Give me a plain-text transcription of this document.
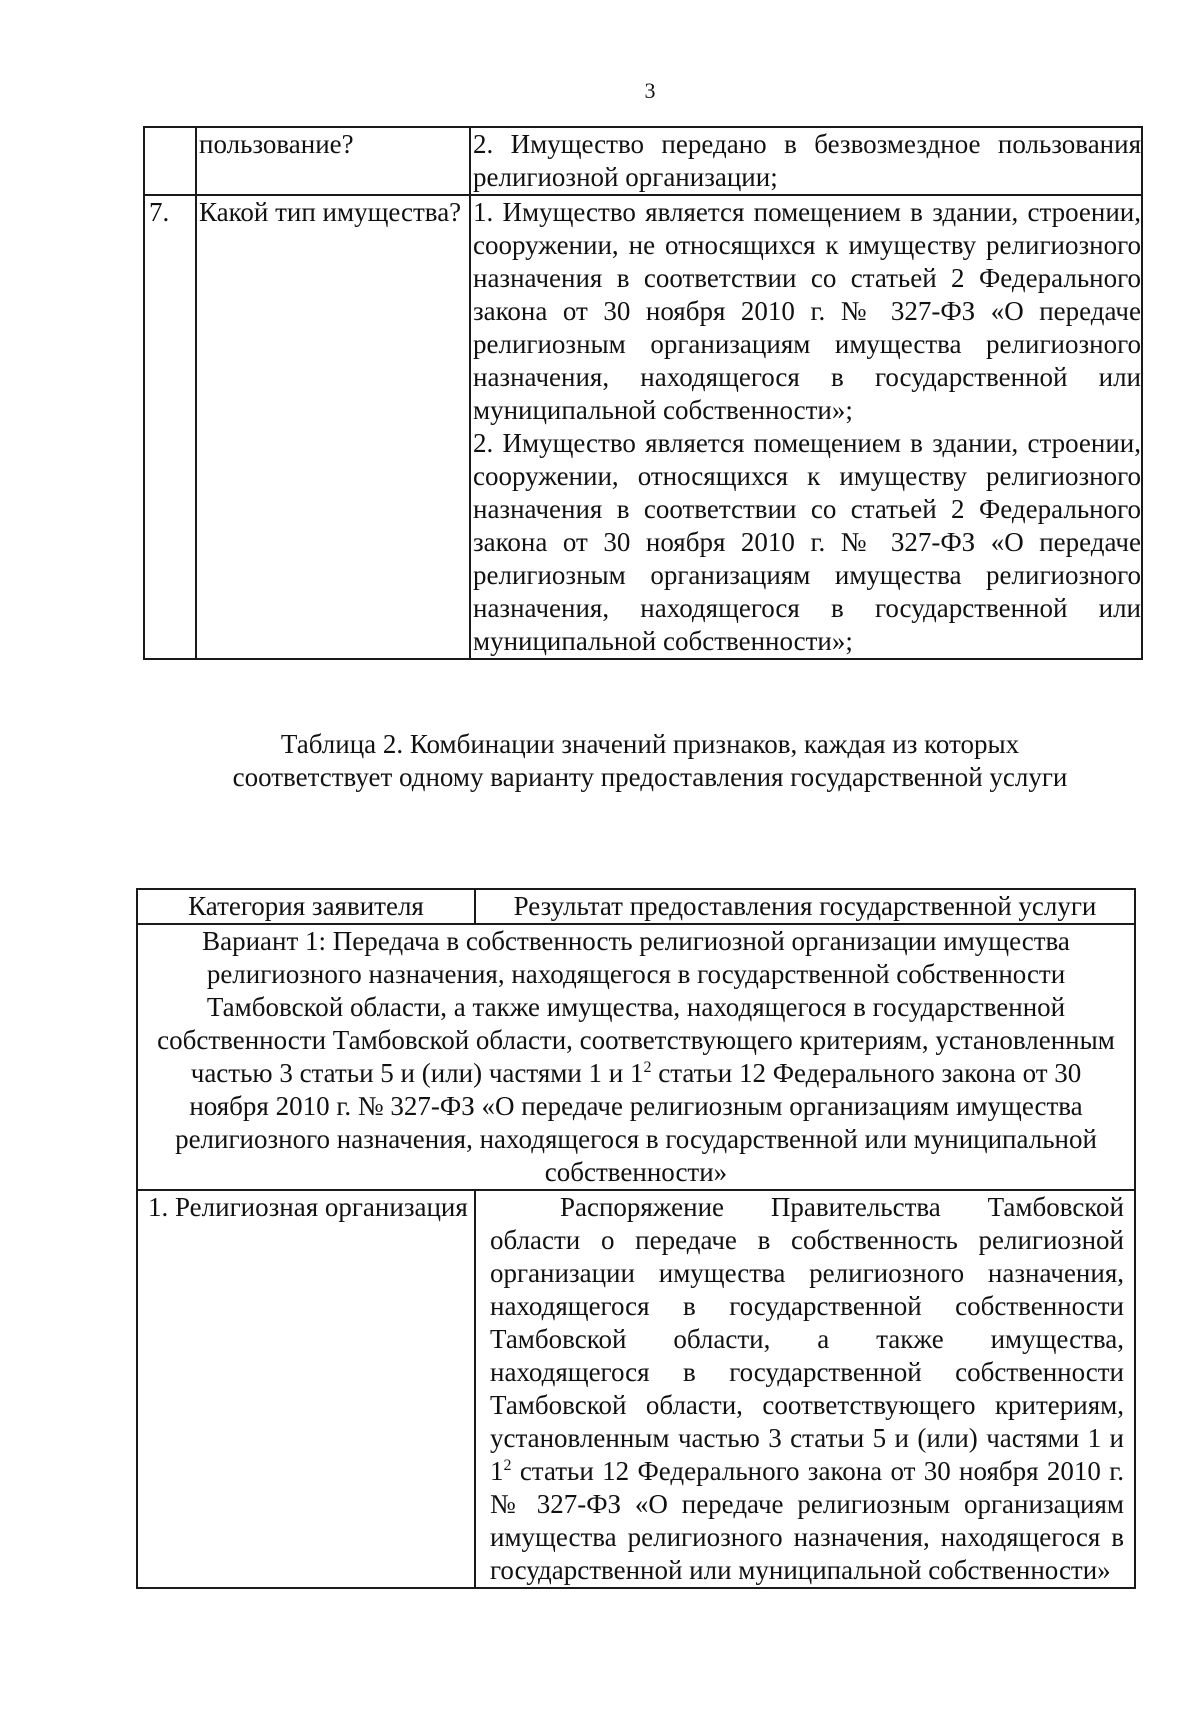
3
	пользование?	2. Имущество передано в безвозмездное пользования религиозной организации;

7.	Какой тип имущества?	1. Имущество является помещением в здании, строении, сооружении, не относящихся к имуществу религиозного назначения в соответствии со статьей 2 Федерального закона от 30 ноября 2010 г. № 327-ФЗ «О передаче религиозным организациям имущества религиозного назначения, находящегося в государственной или муниципальной собственности»;

2. Имущество является помещением в здании, строении, сооружении, относящихся к имуществу религиозного назначения в соответствии со статьей 2 Федерального закона от 30 ноября 2010 г. № 327-ФЗ «О передаче религиозным организациям имущества религиозного назначения, находящегося в государственной или муниципальной собственности»;

Таблица 2. Комбинации значений признаков, каждая из которых соответствует одному варианту предоставления государственной услуги
Категория заявителя	Результат предоставления государственной услуги
Вариант 1: Передача в собственность религиозной организации имущества религиозного назначения, находящегося в государственной собственности Тамбовской области, а также имущества, находящегося в государственной собственности Тамбовской области, соответствующего критериям, установленным частью 3 статьи 5 и (или) частями 1 и $1^2$ статьи 12 Федерального закона от 30 ноября 2010 г. № 327-ФЗ «О передаче религиозным организациям имущества религиозного назначения, находящегося в государственной или муниципальной собственности»	
1. Религиозная организация	Распоряжение Правительства Тамбовской области о передаче в собственность религиозной организации имущества религиозного назначения, находящегося в государственной собственности Тамбовской области, а также имущества, находящегося в государственной собственности Тамбовской области, соответствующего критериям, установленным частью 3 статьи 5 и (или) частями 1 и $1^2$ статьи 12 Федерального закона от 30 ноября 2010 г. № 327-ФЗ «О передаче религиозным организациям имущества религиозного назначения, находящегося в государственной или муниципальной собственности»
